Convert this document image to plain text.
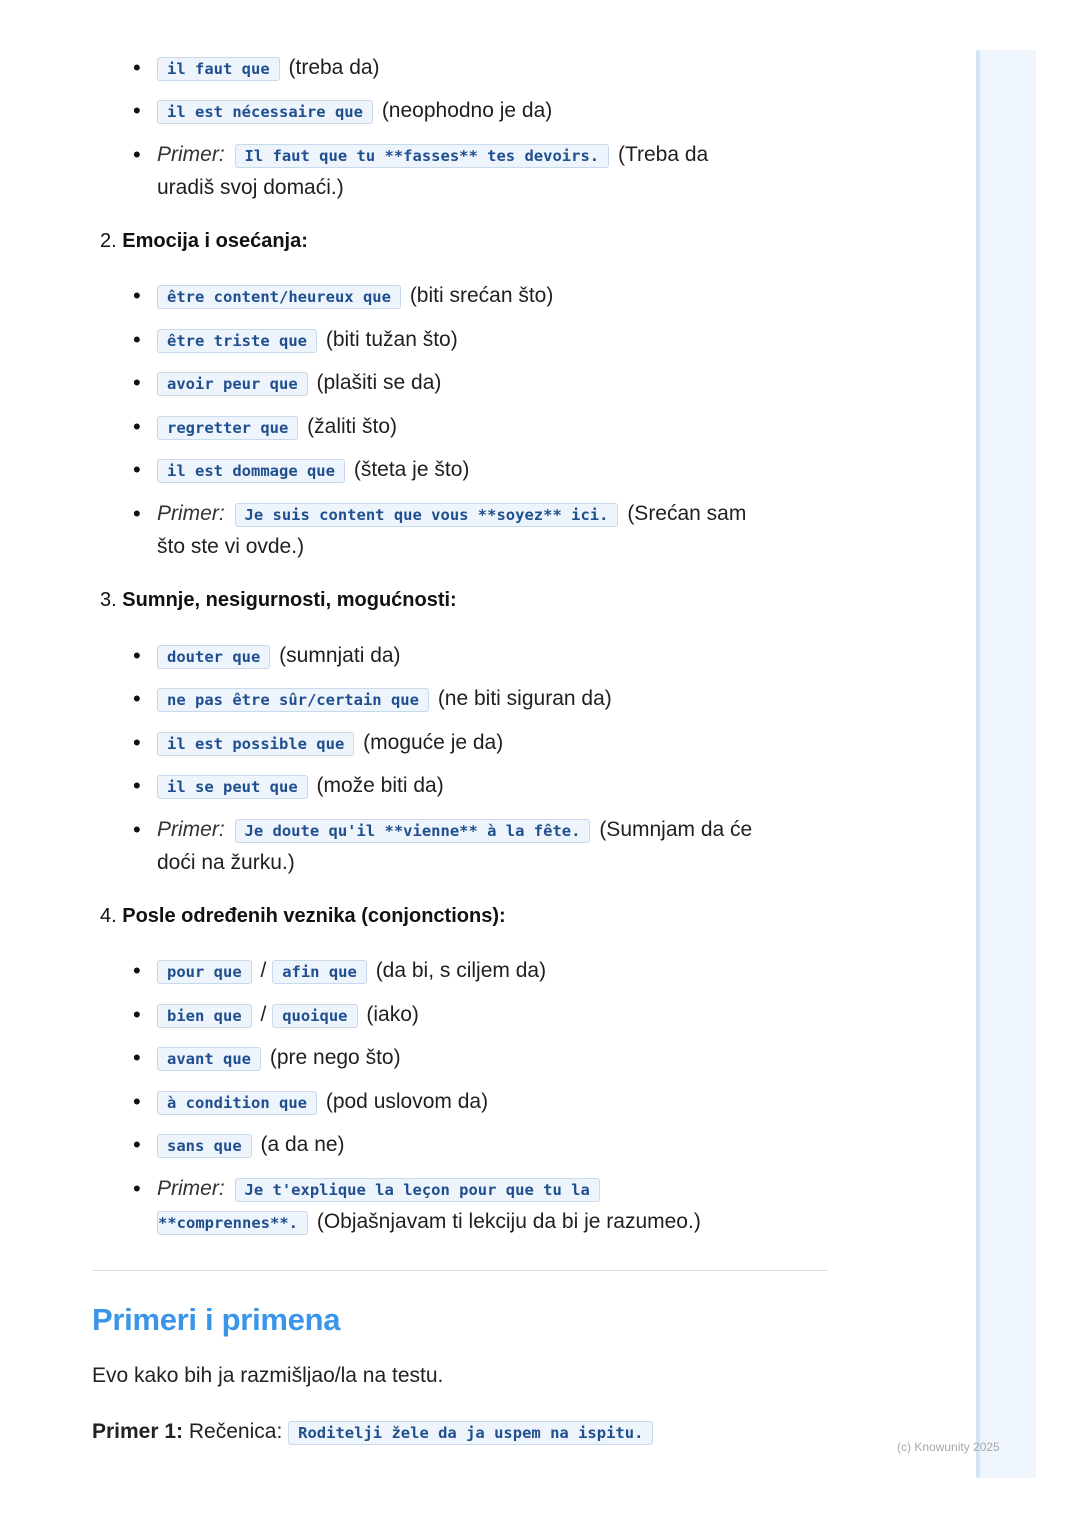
• il faut que (treba da)
• il est nécessaire que (neophodno je da)
• Primer: Il faut que tu **fasses** tes devoirs. (Treba da
uradiš svoj domaći.)
2. Emocija i osećanja:
• être content/heureux que (biti srećan što)
• être triste que (biti tužan što)
• avoir peur que (plašiti se da)
• regretter que (žaliti što)
• il est dommage que (šteta je što)
• Primer: Je suis content que vous **soyez** ici. (Srećan sam
što ste vi ovde.)
3. Sumnje, nesigurnosti, mogućnosti:
• douter que (sumnjati da)
• ne pas être sûr/certain que (ne biti siguran da)
• il est possible que (moguće je da)
• il se peut que (može biti da)
• Primer: Je doute qu'il **vienne** à la fête. (Sumnjam da će
doći na žurku.)
4. Posle određenih veznika (conjonctions):
• pour que / afin que (da bi, s ciljem da)
• bien que / quoique (iako)
• avant que (pre nego što)
• à condition que (pod uslovom da)
• sans que (a da ne)
• Primer: Je t'explique la leçon pour que tu la
**comprennes**. (Objašnjavam ti lekciju da bi je razumeo.)
Primeri i primena
Evo kako bih ja razmišljao/la na testu.
Primer 1: Rečenica: Roditelji žele da ja uspem na ispitu.
(c) Knowunity 2025
